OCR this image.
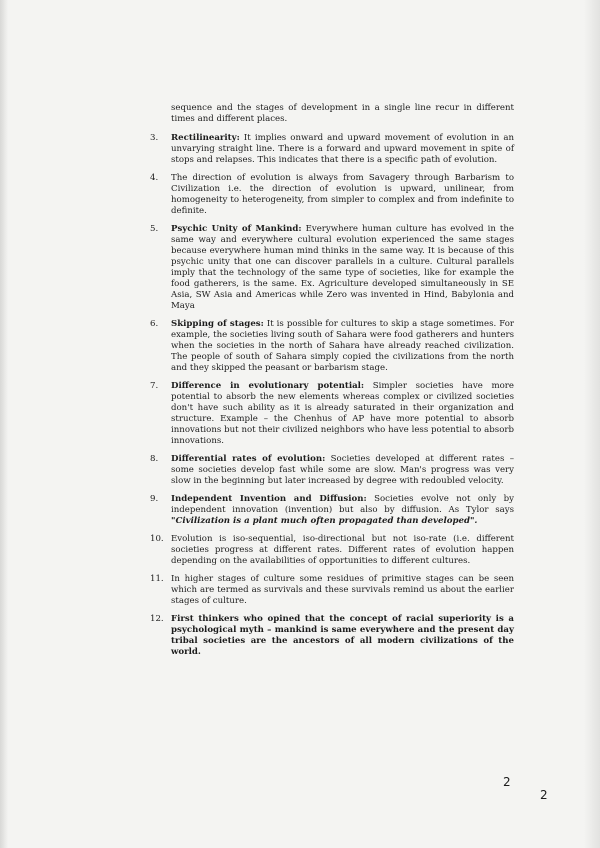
sequence and the stages of development in a single line recur in different times and different places.

3.	Rectilinearity: It implies onward and upward movement of evolution in an unvarying straight line. There is a forward and upward movement in spite of stops and relapses. This indicates that there is a specific path of evolution.
4.	The direction of evolution is always from Savagery through Barbarism to Civilization i.e. the direction of evolution is upward, unilinear, from homogeneity to heterogeneity, from simpler to complex and from indefinite to definite.
5.	Psychic Unity of Mankind: Everywhere human culture has evolved in the same way and everywhere cultural evolution experienced the same stages because everywhere human mind thinks in the same way. It is because of this psychic unity that one can discover parallels in a culture. Cultural parallels imply that the technology of the same type of societies, like for example the food gatherers, is the same. Ex. Agriculture developed simultaneously in SE Asia, SW Asia and Americas while Zero was invented in Hind, Babylonia and Maya
6.	Skipping of stages: It is possible for cultures to skip a stage sometimes. For example, the societies living south of Sahara were food gatherers and hunters when the societies in the north of Sahara have already reached civilization. The people of south of Sahara simply copied the civilizations from the north and they skipped the peasant or barbarism stage.
7.	Difference in evolutionary potential: Simpler societies have more potential to absorb the new elements whereas complex or civilized societies don't have such ability as it is already saturated in their organization and structure. Example – the Chenhus of AP have more potential to absorb innovations but not their civilized neighbors who have less potential to absorb innovations.
8.	Differential rates of evolution: Societies developed at different rates – some societies develop fast while some are slow. Man's progress was very slow in the beginning but later increased by degree with redoubled velocity.
9.	Independent Invention and Diffusion: Societies evolve not only by independent innovation (invention) but also by diffusion. As Tylor says "Civilization is a plant much often propagated than developed".
10. Evolution is iso-sequential, iso-directional but not iso-rate (i.e. different societies progress at different rates. Different rates of evolution happen depending on the availabilities of opportunities to different cultures.
11. In higher stages of culture some residues of primitive stages can be seen which are termed as survivals and these survivals remind us about the earlier stages of culture.
12. First thinkers who opined that the concept of racial superiority is a psychological myth – mankind is same everywhere and the present day tribal societies are the ancestors of all modern civilizations of the world.
2
2
